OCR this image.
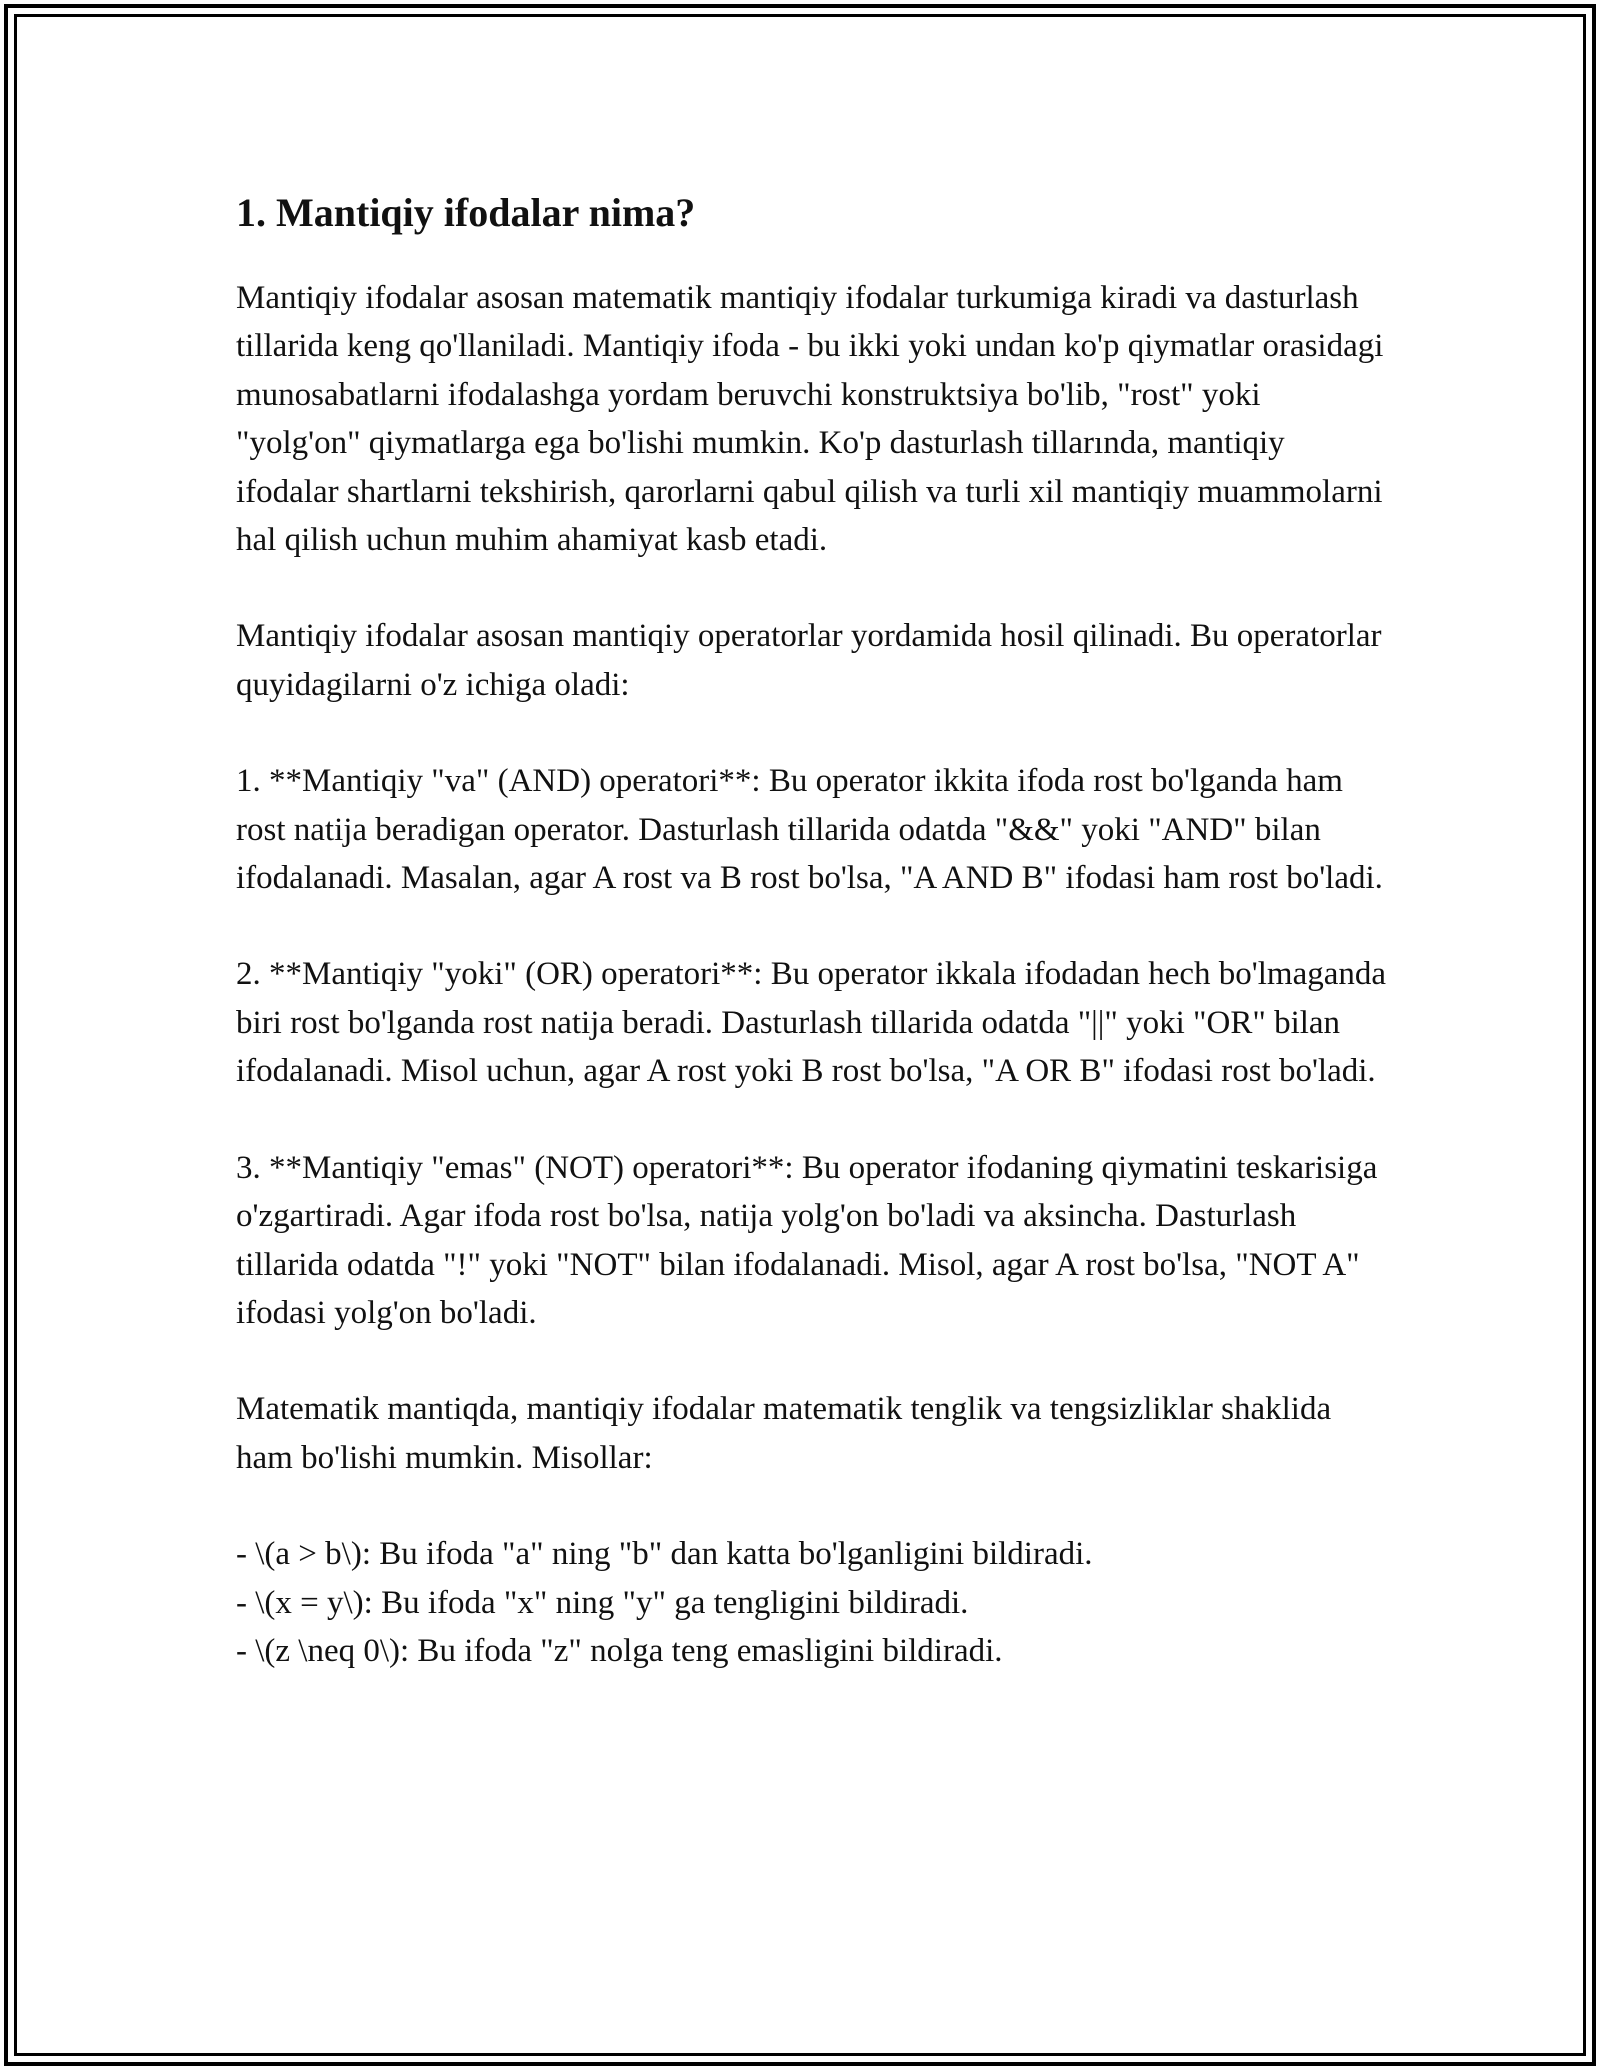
1. Mantiqiy ifodalar nima?

Mantiqiy ifodalar asosan matematik mantiqiy ifodalar turkumiga kiradi va dasturlash tillarida keng qo'llaniladi. Mantiqiy ifoda - bu ikki yoki undan ko'p qiymatlar orasidagi munosabatlarni ifodalashga yordam beruvchi konstruktsiya bo'lib, "rost" yoki "yolg'on" qiymatlarga ega bo'lishi mumkin. Ko'p dasturlash tillarında, mantiqiy ifodalar shartlarni tekshirish, qarorlarni qabul qilish va turli xil mantiqiy muammolarni hal qilish uchun muhim ahamiyat kasb etadi.

Mantiqiy ifodalar asosan mantiqiy operatorlar yordamida hosil qilinadi. Bu operatorlar quyidagilarni o'z ichiga oladi:

1. **Mantiqiy "va" (AND) operatori**: Bu operator ikkita ifoda rost bo'lganda ham rost natija beradigan operator. Dasturlash tillarida odatda "&&" yoki "AND" bilan ifodalanadi. Masalan, agar A rost va B rost bo'lsa, "A AND B" ifodasi ham rost bo'ladi.

2. **Mantiqiy "yoki" (OR) operatori**: Bu operator ikkala ifodadan hech bo'lmaganda biri rost bo'lganda rost natija beradi. Dasturlash tillarida odatda "||" yoki "OR" bilan ifodalanadi. Misol uchun, agar A rost yoki B rost bo'lsa, "A OR B" ifodasi rost bo'ladi.

3. **Mantiqiy "emas" (NOT) operatori**: Bu operator ifodaning qiymatini teskarisiga o'zgartiradi. Agar ifoda rost bo'lsa, natija yolg'on bo'ladi va aksincha. Dasturlash tillarida odatda "!" yoki "NOT" bilan ifodalanadi. Misol, agar A rost bo'lsa, "NOT A" ifodasi yolg'on bo'ladi.

Matematik mantiqda, mantiqiy ifodalar matematik tenglik va tengsizliklar shaklida ham bo'lishi mumkin. Misollar:

- \(a > b\): Bu ifoda "a" ning "b" dan katta bo'lganligini bildiradi.
- \(x = y\): Bu ifoda "x" ning "y" ga tengligini bildiradi.
- \(z \neq 0\): Bu ifoda "z" nolga teng emasligini bildiradi.
